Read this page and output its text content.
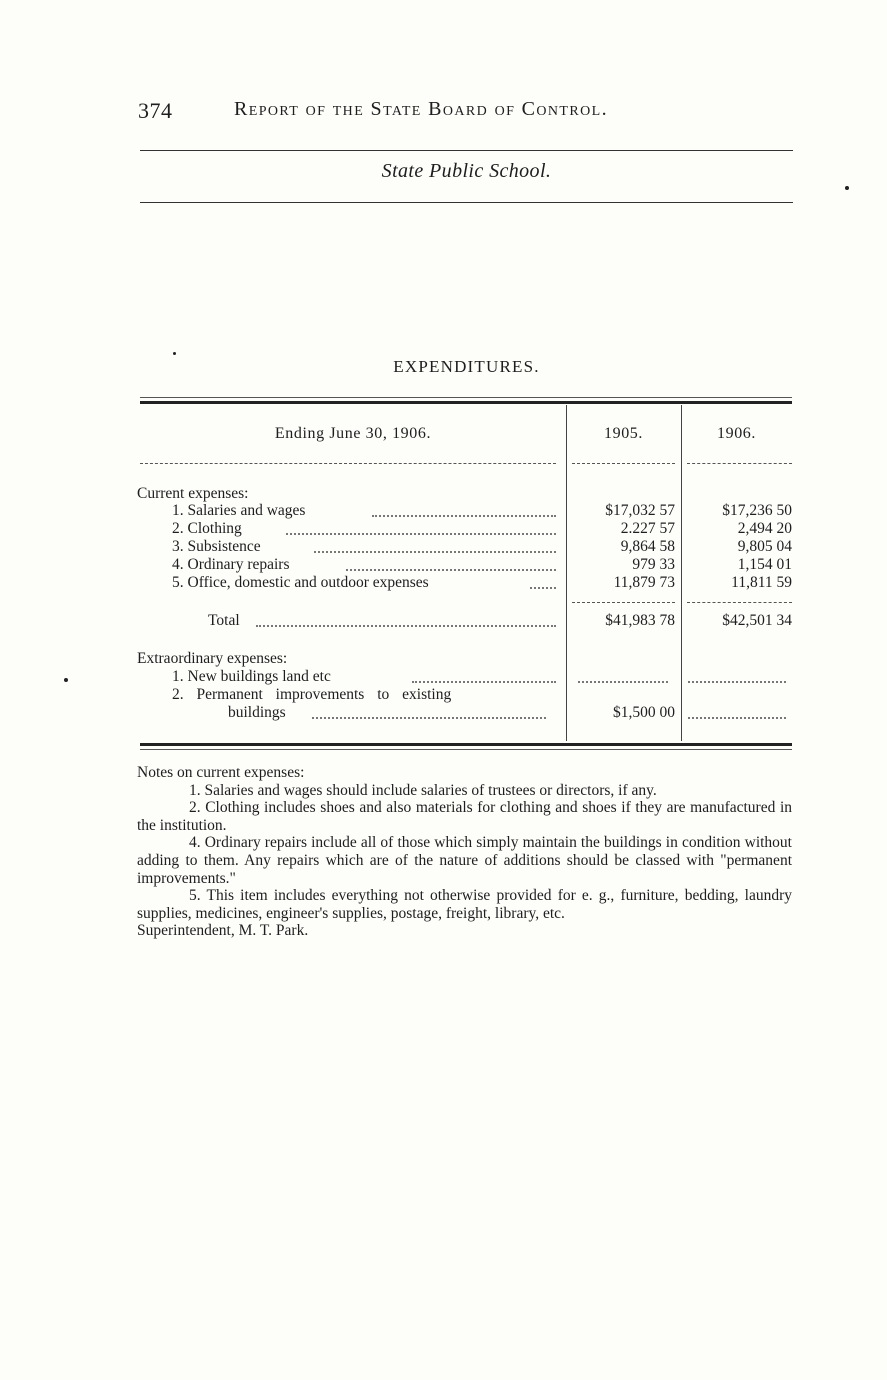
374	Report of the State Board of Control.
State Public School.
EXPENDITURES.
Ending June 30, 1906.	1905.	1906.
Current expenses:
1. Salaries and wages	$17,032 57	$17,236 50
2. Clothing	2.227 57	2,494 20
3. Subsistence	9,864 58	9,805 04
4. Ordinary repairs	979 33	1,154 01
5. Office, domestic and outdoor expenses	11,879 73	11,811 59
Total	$41,983 78	$42,501 34
Extraordinary expenses:
1. New buildings land etc
2. Permanent improvements to existing
buildings	$1,500 00

Notes on current expenses:

1. Salaries and wages should include salaries of trustees or directors, if any.

2. Clothing includes shoes and also materials for clothing and shoes if they are manufactured in the institution.

4. Ordinary repairs include all of those which simply maintain the buildings in condition without adding to them. Any repairs which are of the nature of additions should be classed with "permanent improvements."

5. This item includes everything not otherwise provided for e. g., furniture, bedding, laundry supplies, medicines, engineer's supplies, postage, freight, library, etc.

Superintendent, M. T. Park.
